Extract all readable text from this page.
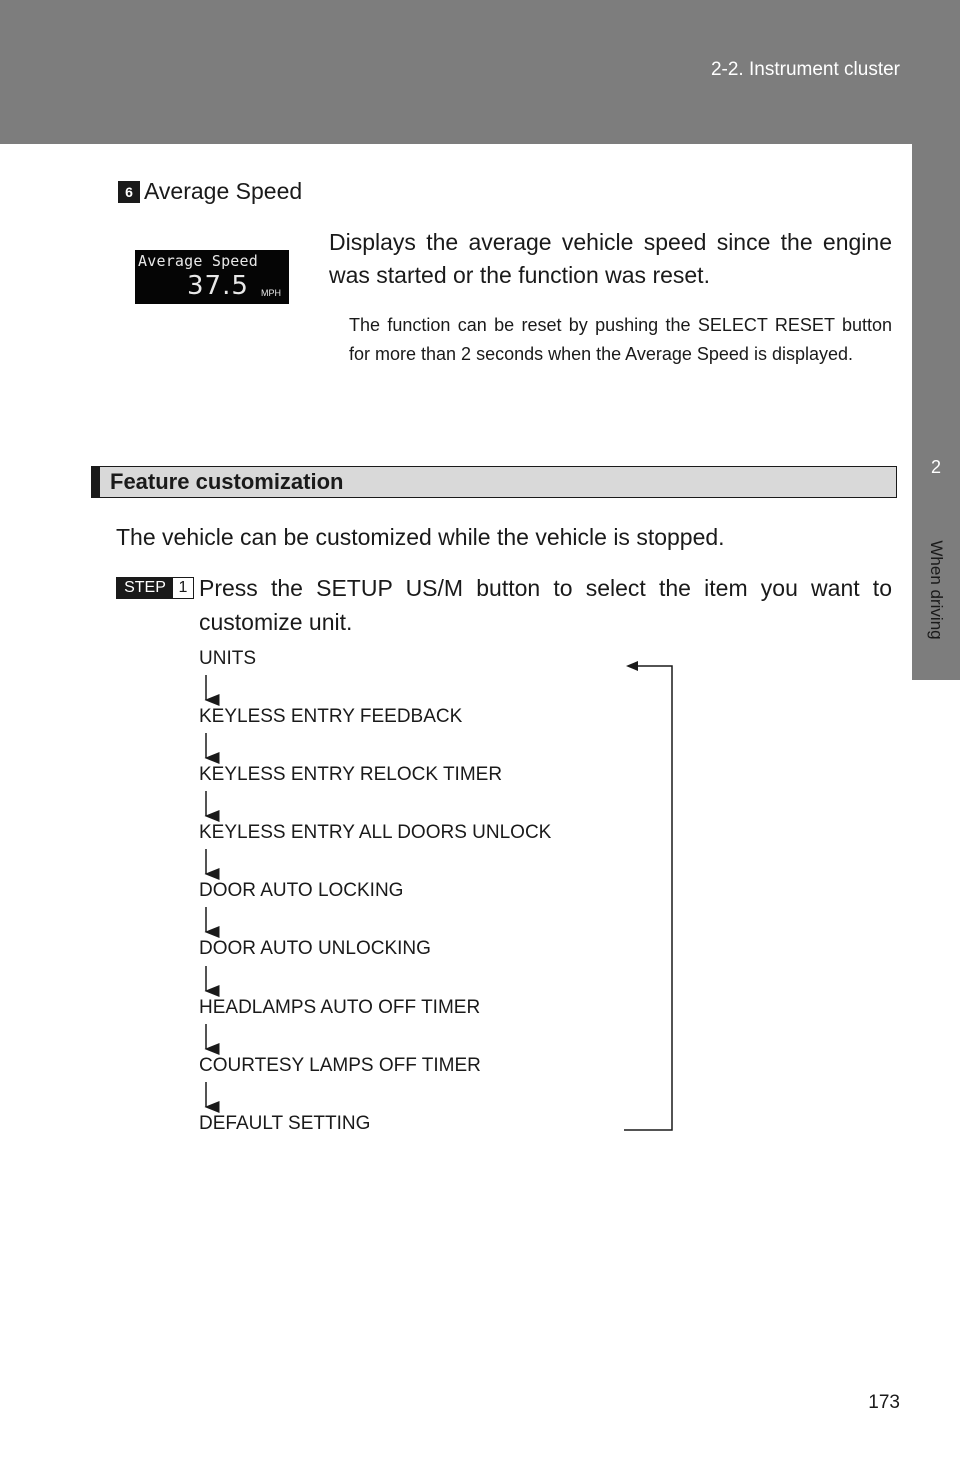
2-2. Instrument cluster
2
When driving
6 Average Speed
Average Speed
37.5 MPH
Displays the average vehicle speed since the engine was started or the function was reset.
The function can be reset by pushing the SELECT RESET button for more than 2 seconds when the Average Speed is displayed.
Feature customization
The vehicle can be customized while the vehicle is stopped.
STEP 1 Press the SETUP US/M button to select the item you want to customize unit.
UNITS
KEYLESS ENTRY FEEDBACK
KEYLESS ENTRY RELOCK TIMER
KEYLESS ENTRY ALL DOORS UNLOCK
DOOR AUTO LOCKING
DOOR AUTO UNLOCKING
HEADLAMPS AUTO OFF TIMER
COURTESY LAMPS OFF TIMER
DEFAULT SETTING
173
